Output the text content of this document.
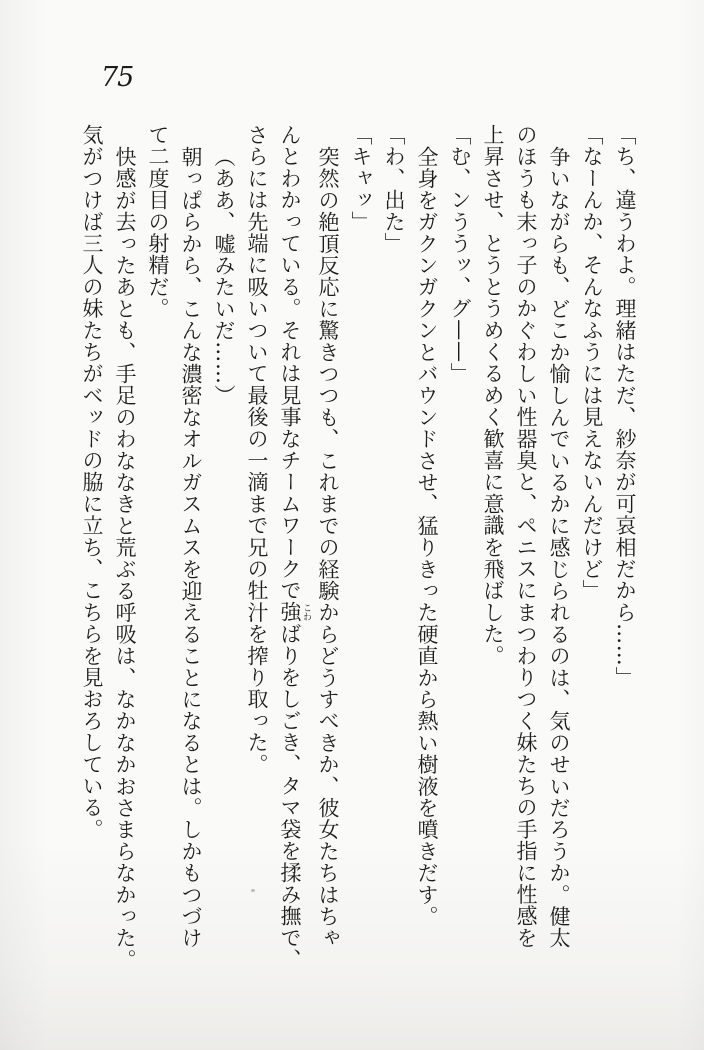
75
「ち、違うわよ。理緒はただ、紗奈が可哀相だから……」
「なーんか、そんなふうには見えないんだけど」
争いながらも、どこか愉しんでいるかに感じられるのは、気のせいだろうか。健太
のほうも末っ子のかぐわしい性器臭と、ペニスにまつわりつく妹たちの手指に性感を
上昇させ、とうとうめくるめく歓喜に意識を飛ばした。
「む、ンううッ、グ——」
全身をガクンガクンとバウンドさせ、猛りきった硬直から熱い樹液を噴きだす。
「わ、出た」
「キャッ」
突然の絶頂反応に驚きつつも、これまでの経験からどうすべきか、彼女たちはちゃ
んとわかっている。それは見事なチームワークで強 こわばりをしごき、タマ袋を揉み撫で、
さらには先端に吸いついて最後の一滴まで兄の牡汁を搾り取った。
（ああ、嘘みたいだ……）
朝っぱらから、こんな濃密なオルガスムスを迎えることになるとは。しかもつづけ
て二度目の射精だ。
快感が去ったあとも、手足のわななきと荒ぶる呼吸は、なかなかおさまらなかった。
気がつけば三人の妹たちがベッドの脇に立ち、こちらを見おろしている。
